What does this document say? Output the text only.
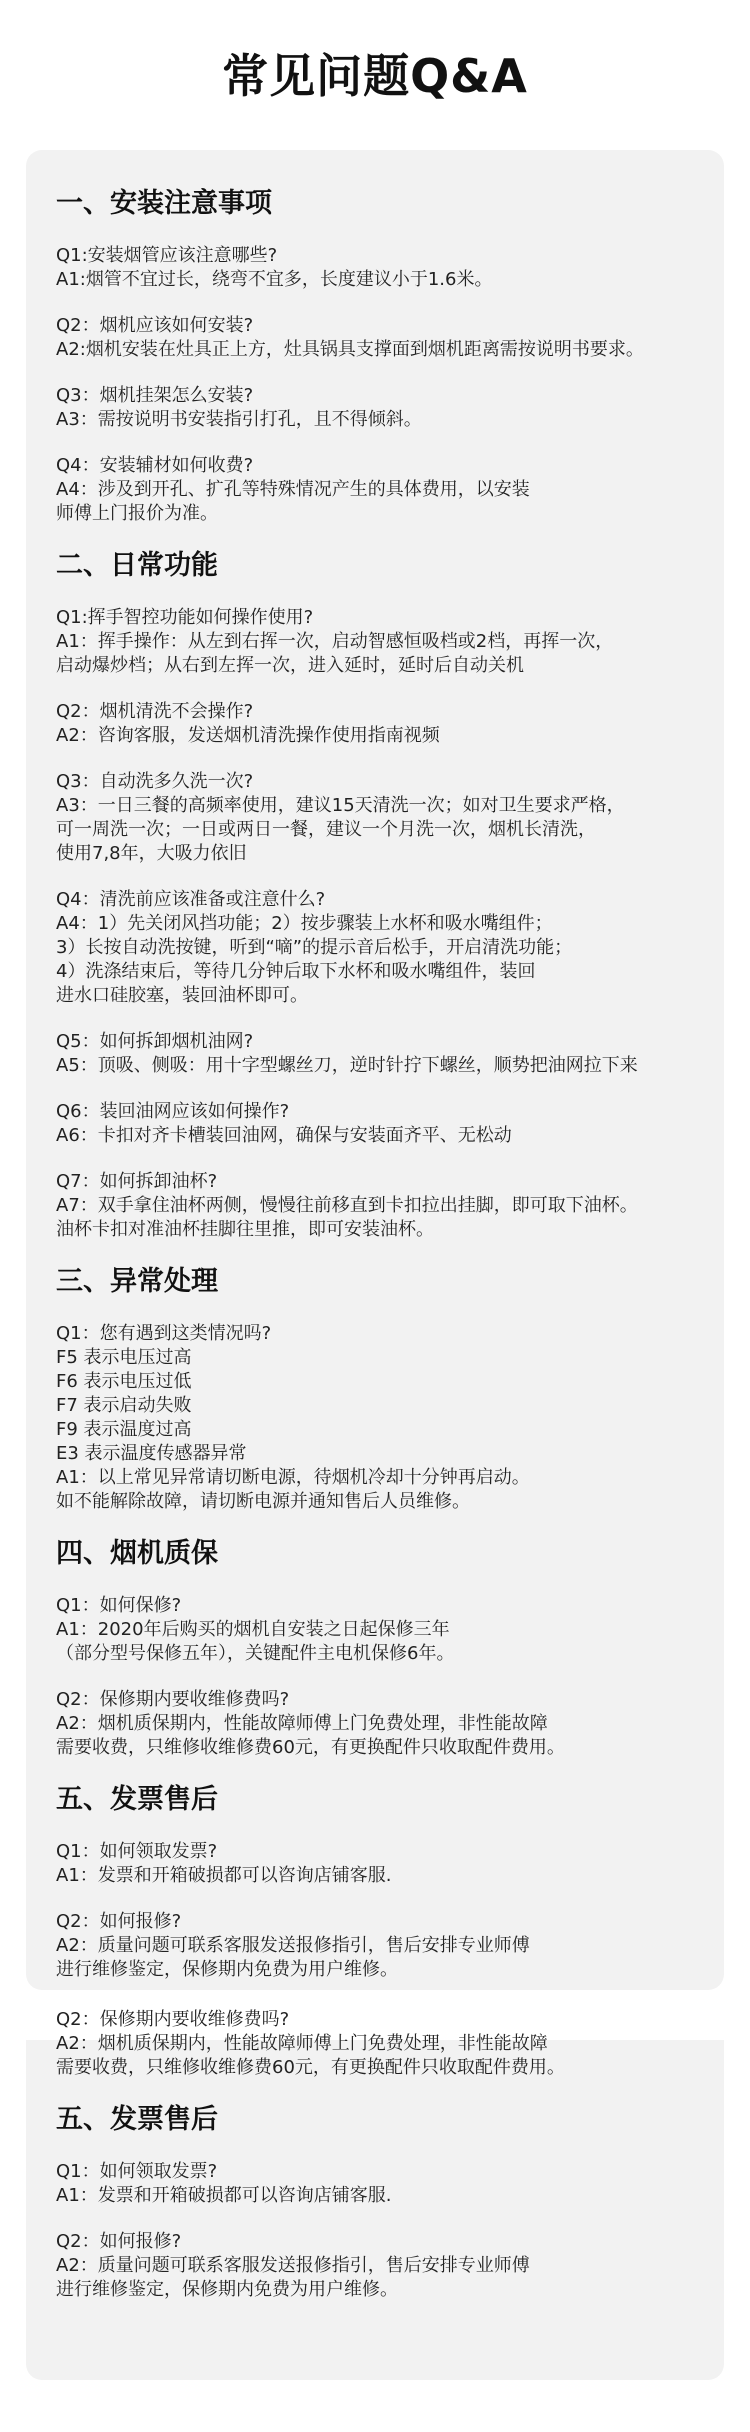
常见问题Q&A
一、安装注意事项
Q1:安装烟管应该注意哪些?
A1:烟管不宜过长，绕弯不宜多，长度建议小于1.6米。
Q2：烟机应该如何安装?
A2:烟机安装在灶具正上方，灶具锅具支撑面到烟机距离需按说明书要求。
Q3：烟机挂架怎么安装?
A3：需按说明书安装指引打孔，且不得倾斜。
Q4：安装辅材如何收费?
A4：涉及到开孔、扩孔等特殊情况产生的具体费用，以安装
师傅上门报价为准。
二、日常功能
Q1:挥手智控功能如何操作使用?
A1：挥手操作：从左到右挥一次，启动智感恒吸档或2档，再挥一次，
启动爆炒档；从右到左挥一次，进入延时，延时后自动关机
Q2：烟机清洗不会操作?
A2：咨询客服，发送烟机清洗操作使用指南视频
Q3：自动洗多久洗一次?
A3：一日三餐的高频率使用，建议15天清洗一次；如对卫生要求严格，
可一周洗一次；一日或两日一餐，建议一个月洗一次，烟机长清洗，
使用7,8年，大吸力依旧
Q4：清洗前应该准备或注意什么?
A4：1）先关闭风挡功能；2）按步骤装上水杯和吸水嘴组件；
3）长按自动洗按键，听到“嘀”的提示音后松手，开启清洗功能；
4）洗涤结束后，等待几分钟后取下水杯和吸水嘴组件，装回
进水口硅胶塞，装回油杯即可。
Q5：如何拆卸烟机油网?
A5：顶吸、侧吸：用十字型螺丝刀，逆时针拧下螺丝，顺势把油网拉下来
Q6：装回油网应该如何操作?
A6：卡扣对齐卡槽装回油网，确保与安装面齐平、无松动
Q7：如何拆卸油杯?
A7：双手拿住油杯两侧，慢慢往前移直到卡扣拉出挂脚，即可取下油杯。
油杯卡扣对准油杯挂脚往里推，即可安装油杯。
三、异常处理
Q1：您有遇到这类情况吗?
F5 表示电压过高
F6 表示电压过低
F7 表示启动失败
F9 表示温度过高
E3 表示温度传感器异常
A1：以上常见异常请切断电源，待烟机冷却十分钟再启动。
如不能解除故障，请切断电源并通知售后人员维修。
四、烟机质保
Q1：如何保修?
A1：2020年后购买的烟机自安装之日起保修三年
（部分型号保修五年），关键配件主电机保修6年。
Q2：保修期内要收维修费吗?
A2：烟机质保期内，性能故障师傅上门免费处理，非性能故障
需要收费，只维修收维修费60元，有更换配件只收取配件费用。
五、发票售后
Q1：如何领取发票?
A1：发票和开箱破损都可以咨询店铺客服.
Q2：如何报修?
A2：质量问题可联系客服发送报修指引，售后安排专业师傅
进行维修鉴定，保修期内免费为用户维修。
Q2：保修期内要收维修费吗?
A2：烟机质保期内，性能故障师傅上门免费处理，非性能故障
需要收费，只维修收维修费60元，有更换配件只收取配件费用。
五、发票售后
Q1：如何领取发票?
A1：发票和开箱破损都可以咨询店铺客服.
Q2：如何报修?
A2：质量问题可联系客服发送报修指引，售后安排专业师傅
进行维修鉴定，保修期内免费为用户维修。
